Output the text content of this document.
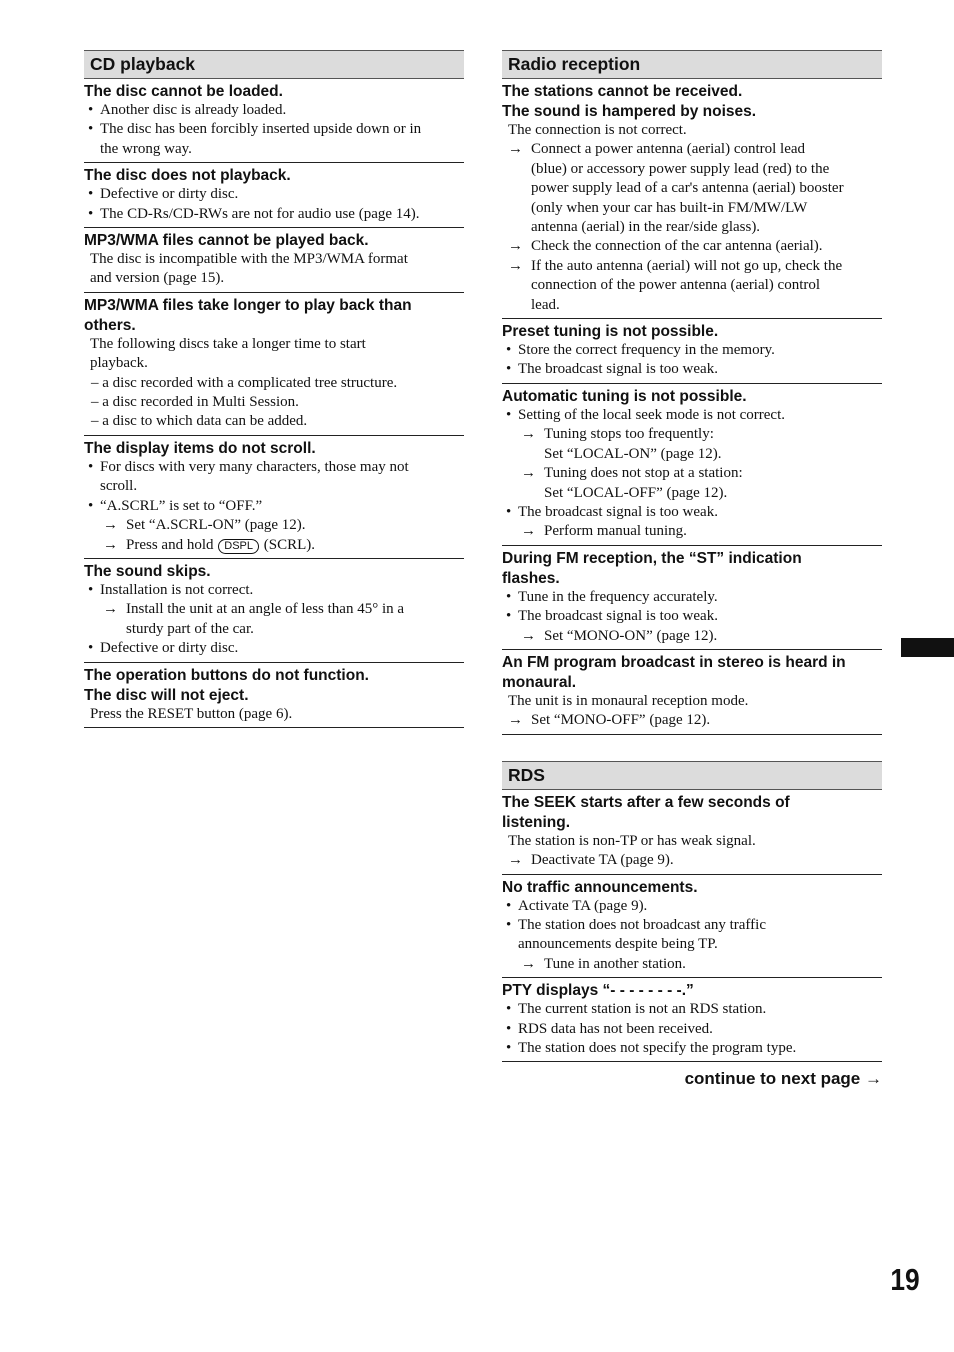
CD playback
The disc cannot be loaded.
• Another disc is already loaded.
• The disc has been forcibly inserted upside down or in
the wrong way.
The disc does not playback.
• Defective or dirty disc.
• The CD-Rs/CD-RWs are not for audio use (page 14).
MP3/WMA files cannot be played back.
The disc is incompatible with the MP3/WMA format
and version (page 15).
MP3/WMA files take longer to play back than
others.
The following discs take a longer time to start
playback.
– a disc recorded with a complicated tree structure.
– a disc recorded in Multi Session.
– a disc to which data can be added.
The display items do not scroll.
• For discs with very many characters, those may not
scroll.
• “A.SCRL” is set to “OFF.”
→ Set “A.SCRL-ON” (page 12).
→ Press and hold DSPL (SCRL).
The sound skips.
• Installation is not correct.
→ Install the unit at an angle of less than 45° in a
sturdy part of the car.
• Defective or dirty disc.
The operation buttons do not function.
The disc will not eject.
Press the RESET button (page 6).
Radio reception
The stations cannot be received.
The sound is hampered by noises.
The connection is not correct.
→ Connect a power antenna (aerial) control lead
(blue) or accessory power supply lead (red) to the
power supply lead of a car's antenna (aerial) booster
(only when your car has built-in FM/MW/LW
antenna (aerial) in the rear/side glass).
→ Check the connection of the car antenna (aerial).
→ If the auto antenna (aerial) will not go up, check the
connection of the power antenna (aerial) control
lead.
Preset tuning is not possible.
• Store the correct frequency in the memory.
• The broadcast signal is too weak.
Automatic tuning is not possible.
• Setting of the local seek mode is not correct.
→ Tuning stops too frequently:
Set “LOCAL-ON” (page 12).
→ Tuning does not stop at a station:
Set “LOCAL-OFF” (page 12).
• The broadcast signal is too weak.
→ Perform manual tuning.
During FM reception, the “ST” indication
flashes.
• Tune in the frequency accurately.
• The broadcast signal is too weak.
→ Set “MONO-ON” (page 12).
An FM program broadcast in stereo is heard in
monaural.
The unit is in monaural reception mode.
→ Set “MONO-OFF” (page 12).
RDS
The SEEK starts after a few seconds of
listening.
The station is non-TP or has weak signal.
→ Deactivate TA (page 9).
No traffic announcements.
• Activate TA (page 9).
• The station does not broadcast any traffic
announcements despite being TP.
→ Tune in another station.
PTY displays “- - - - - - - -.”
• The current station is not an RDS station.
• RDS data has not been received.
• The station does not specify the program type.
continue to next page →
19
